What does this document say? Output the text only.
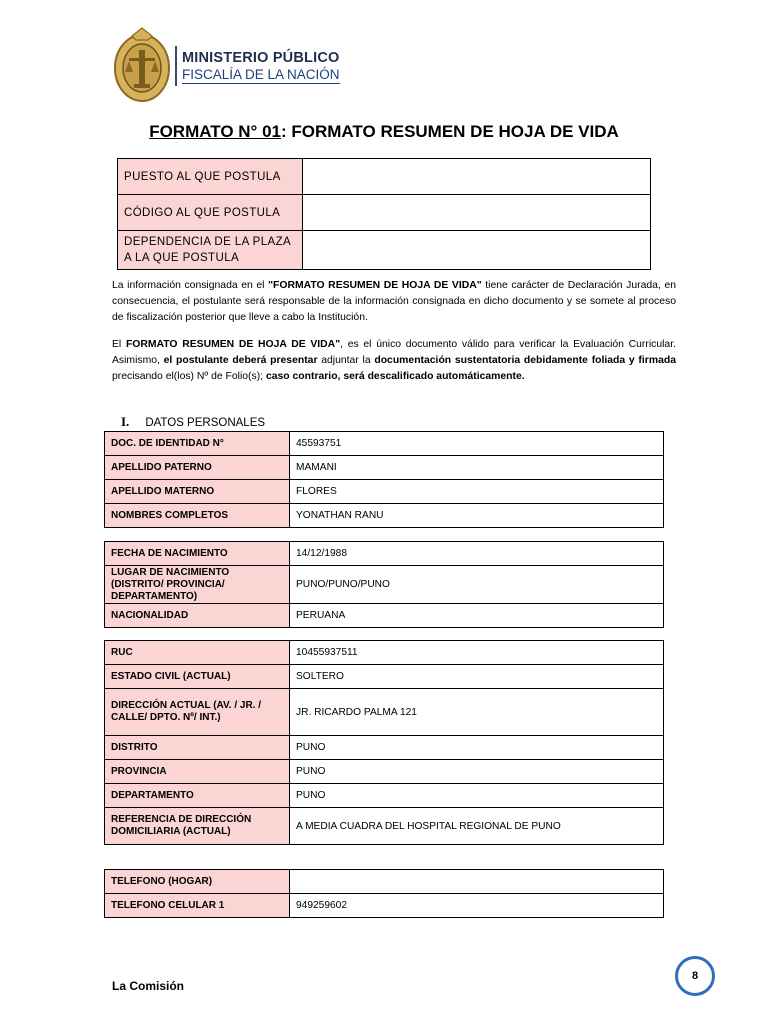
MINISTERIO PÚBLICO
FISCALÍA DE LA NACIÓN
FORMATO N° 01: FORMATO RESUMEN DE HOJA DE VIDA
PUESTO AL QUE POSTULA	
CÓDIGO AL QUE POSTULA	
DEPENDENCIA DE LA PLAZA A LA QUE POSTULA	
La información consignada en el "FORMATO RESUMEN DE HOJA DE VIDA" tiene carácter de Declaración Jurada, en consecuencia, el postulante será responsable de la información consignada en dicho documento y se somete al proceso de fiscalización posterior que lleve a cabo la Institución.
El FORMATO RESUMEN DE HOJA DE VIDA", es el único documento válido para verificar la Evaluación Curricular. Asimismo, el postulante deberá presentar adjuntar la documentación sustentatoria debidamente foliada y firmada precisando el(los) Nº de Folio(s); caso contrario, será descalificado automáticamente.
I. DATOS PERSONALES
DOC. DE IDENTIDAD N°	45593751
APELLIDO PATERNO	MAMANI
APELLIDO MATERNO	FLORES
NOMBRES COMPLETOS	YONATHAN RANU
FECHA DE NACIMIENTO	14/12/1988
LUGAR DE NACIMIENTO (DISTRITO/ PROVINCIA/ DEPARTAMENTO)	PUNO/PUNO/PUNO
NACIONALIDAD	PERUANA
RUC	10455937511
ESTADO CIVIL (ACTUAL)	SOLTERO
DIRECCIÓN ACTUAL (AV. / JR. / CALLE/ DPTO. Nº/ INT.)	JR. RICARDO PALMA 121
DISTRITO	PUNO
PROVINCIA	PUNO
DEPARTAMENTO	PUNO
REFERENCIA DE DIRECCIÓN DOMICILIARIA (ACTUAL)	A MEDIA CUADRA DEL HOSPITAL REGIONAL DE PUNO
TELEFONO (HOGAR)	
TELEFONO CELULAR 1	949259602
La Comisión
8
